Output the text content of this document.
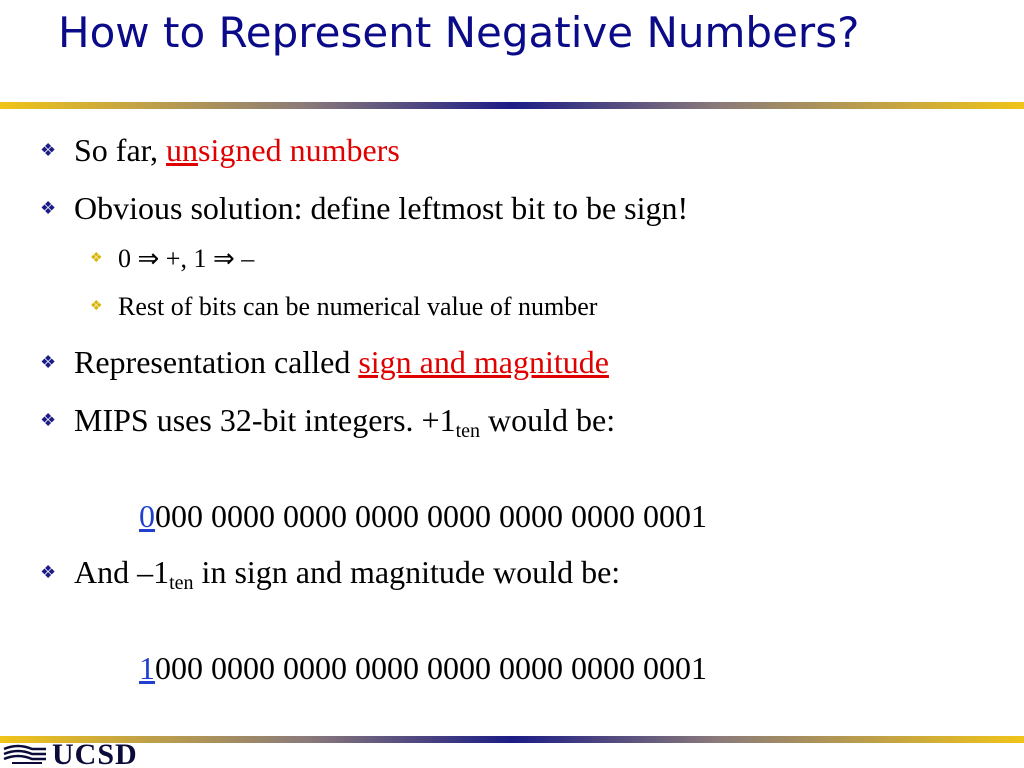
How to Represent Negative Numbers?
❖ So far, unsigned numbers
❖ Obvious solution: define leftmost bit to be sign!
❖ 0 ⇒ +, 1 ⇒ –
❖ Rest of bits can be numerical value of number
❖ Representation called sign and magnitude
❖ MIPS uses 32-bit integers. $+1_{ten}$ would be:
0000 0000 0000 0000 0000 0000 0000 0001
❖ And $-1_{ten}$ in sign and magnitude would be:
1000 0000 0000 0000 0000 0000 0000 0001
UCSD
